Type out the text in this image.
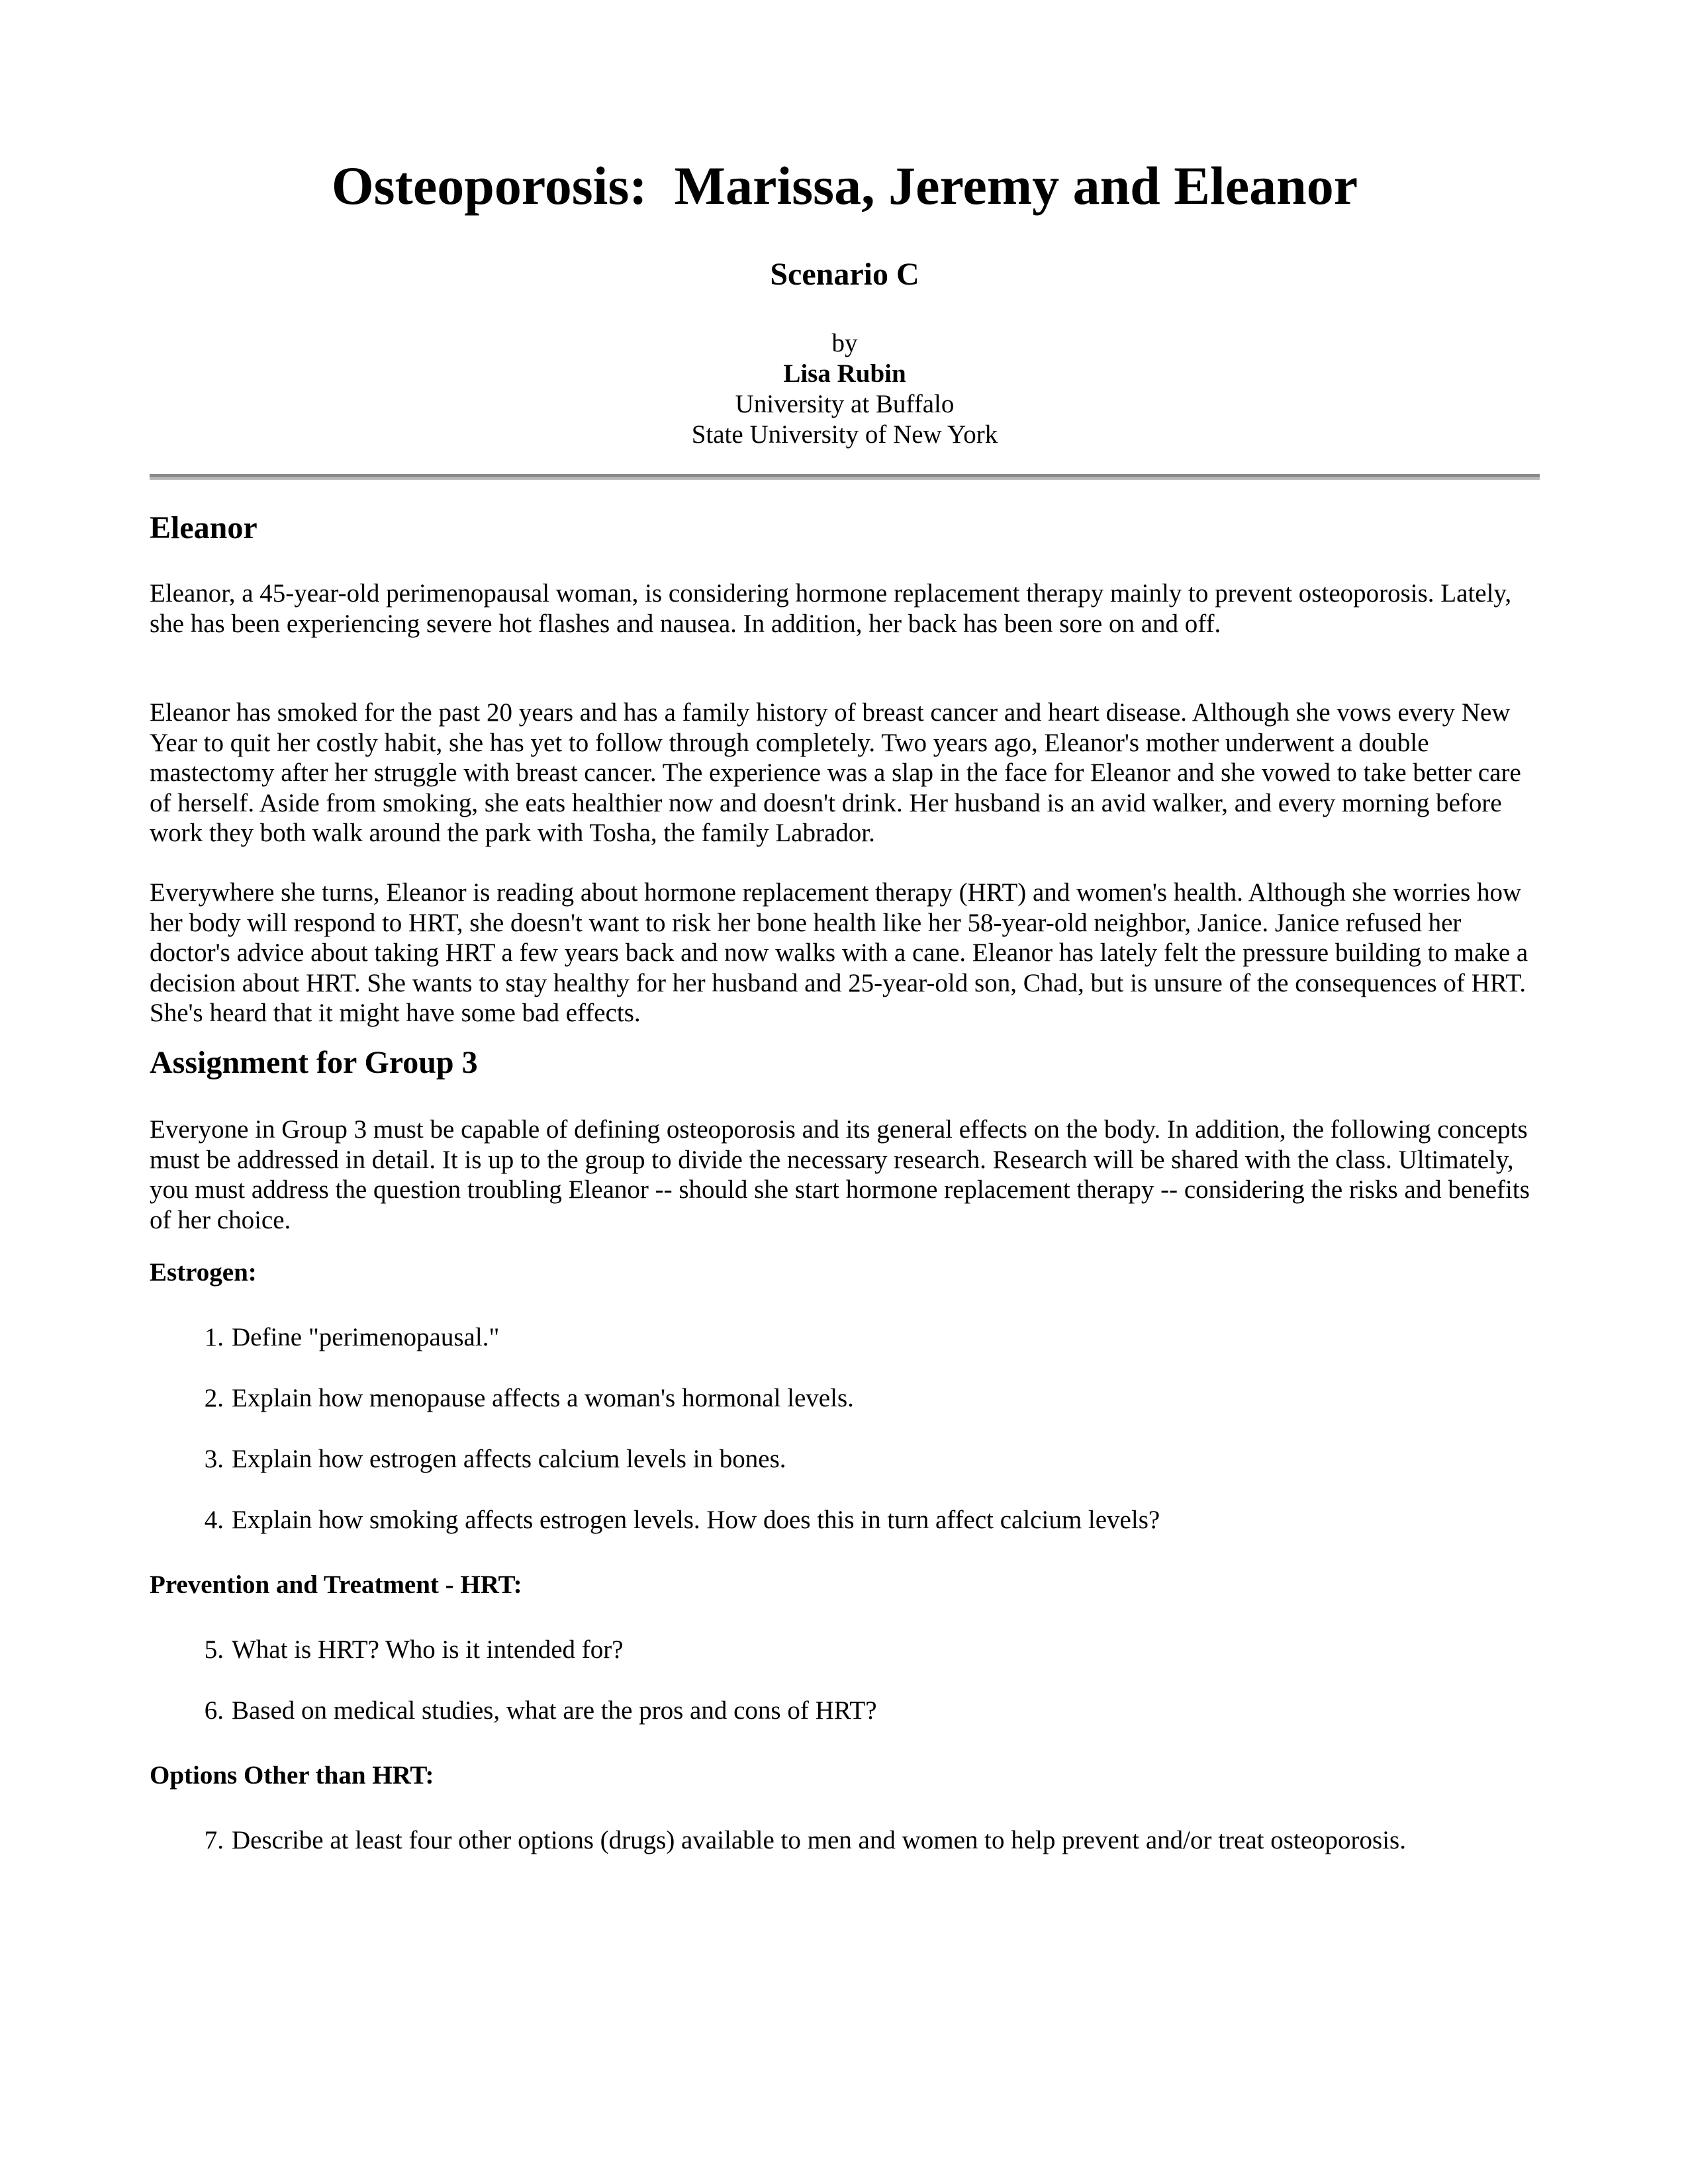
Osteoporosis:  Marissa, Jeremy and Eleanor
Scenario C
by
Lisa Rubin
University at Buffalo
State University of New York
Eleanor

Eleanor, a 45-year-old perimenopausal woman, is considering hormone replacement therapy mainly to prevent osteoporosis. Lately, she has been experiencing severe hot flashes and nausea. In addition, her back has been sore on and off.

Eleanor has smoked for the past 20 years and has a family history of breast cancer and heart disease. Although she vows every New Year to quit her costly habit, she has yet to follow through completely. Two years ago, Eleanor's mother underwent a double mastectomy after her struggle with breast cancer. The experience was a slap in the face for Eleanor and she vowed to take better care of herself. Aside from smoking, she eats healthier now and doesn't drink. Her husband is an avid walker, and every morning before work they both walk around the park with Tosha, the family Labrador.

Everywhere she turns, Eleanor is reading about hormone replacement therapy (HRT) and women's health. Although she worries how her body will respond to HRT, she doesn't want to risk her bone health like her 58-year-old neighbor, Janice. Janice refused her doctor's advice about taking HRT a few years back and now walks with a cane. Eleanor has lately felt the pressure building to make a decision about HRT. She wants to stay healthy for her husband and 25-year-old son, Chad, but is unsure of the consequences of HRT. She's heard that it might have some bad effects.

Assignment for Group 3

Everyone in Group 3 must be capable of defining osteoporosis and its general effects on the body. In addition, the following concepts must be addressed in detail. It is up to the group to divide the necessary research. Research will be shared with the class. Ultimately, you must address the question troubling Eleanor -- should she start hormone replacement therapy -- considering the risks and benefits of her choice.

Estrogen:
1. Define "perimenopausal."
2. Explain how menopause affects a woman's hormonal levels.
3. Explain how estrogen affects calcium levels in bones.
4. Explain how smoking affects estrogen levels. How does this in turn affect calcium levels?
Prevention and Treatment - HRT:
5. What is HRT? Who is it intended for?
6. Based on medical studies, what are the pros and cons of HRT?
Options Other than HRT:
7. Describe at least four other options (drugs) available to men and women to help prevent and/or treat osteoporosis.
